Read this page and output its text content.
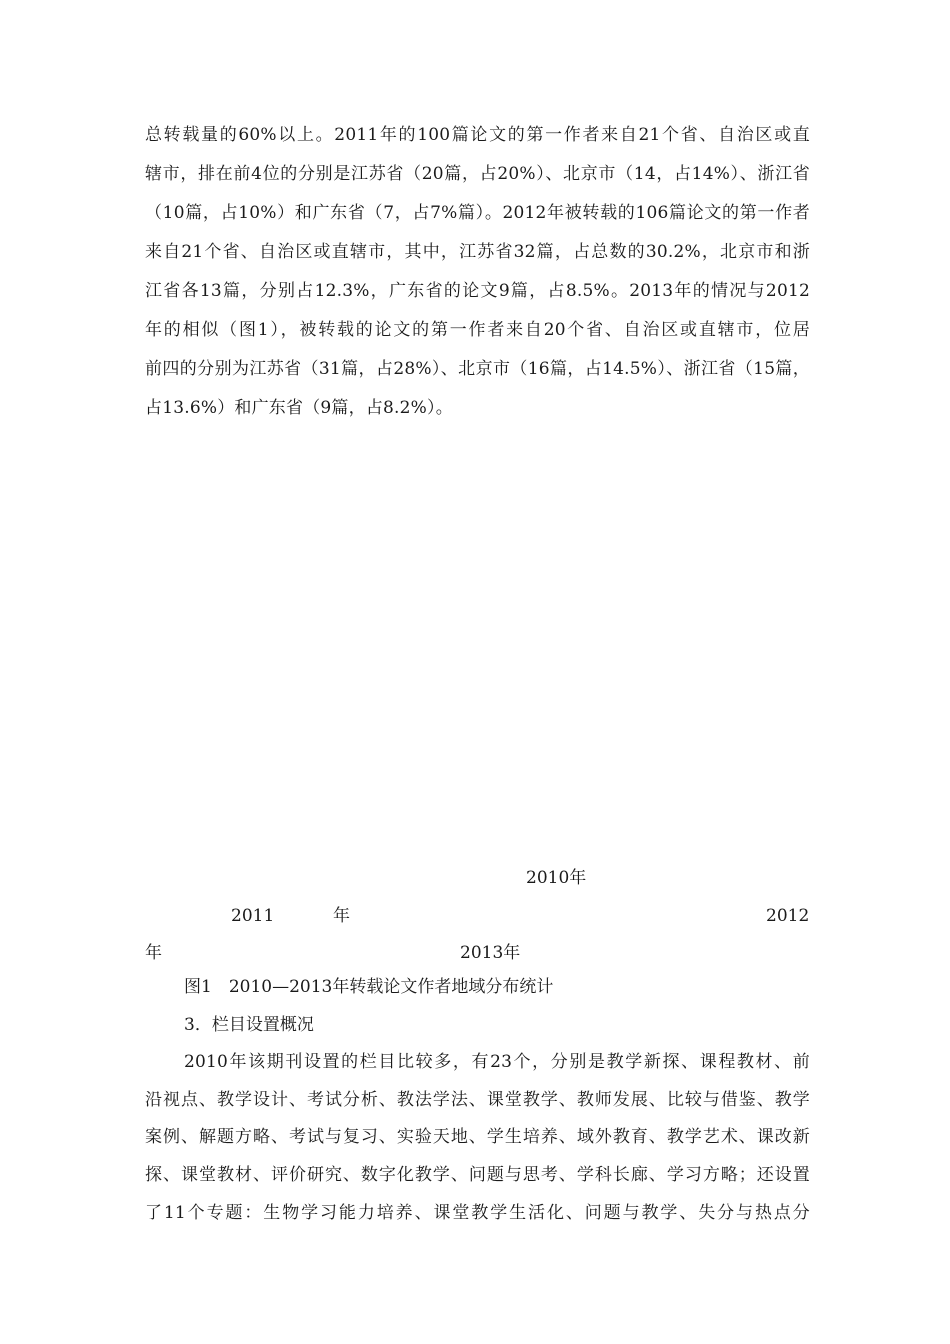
总转载量的60%以上。2011年的100篇论文的第一作者来自21个省、自治区或直
辖市，排在前4位的分别是江苏省（20篇，占20%）、北京市（14，占14%）、浙江省
（10篇，占10%）和广东省（7，占7%篇）。2012年被转载的106篇论文的第一作者
来自21个省、自治区或直辖市，其中，江苏省32篇，占总数的30.2%，北京市和浙
江省各13篇，分别占12.3%，广东省的论文9篇，占8.5%。2013年的情况与2012
年的相似（图1），被转载的论文的第一作者来自20个省、自治区或直辖市，位居
前四的分别为江苏省（31篇，占28%）、北京市（16篇，占14.5%）、浙江省（15篇，
占13.6%）和广东省（9篇，占8.2%）。
2010年
2011	年	2012
年	2013年
图1　2010—2013年转载论文作者地域分布统计
3．栏目设置概况
2010年该期刊设置的栏目比较多，有23个，分别是教学新探、课程教材、前
沿视点、教学设计、考试分析、教法学法、课堂教学、教师发展、比较与借鉴、教学
案例、解题方略、考试与复习、实验天地、学生培养、域外教育、教学艺术、课改新
探、课堂教材、评价研究、数字化教学、问题与思考、学科长廊、学习方略；还设置
了11个专题：生物学习能力培养、课堂教学生活化、问题与教学、失分与热点分
